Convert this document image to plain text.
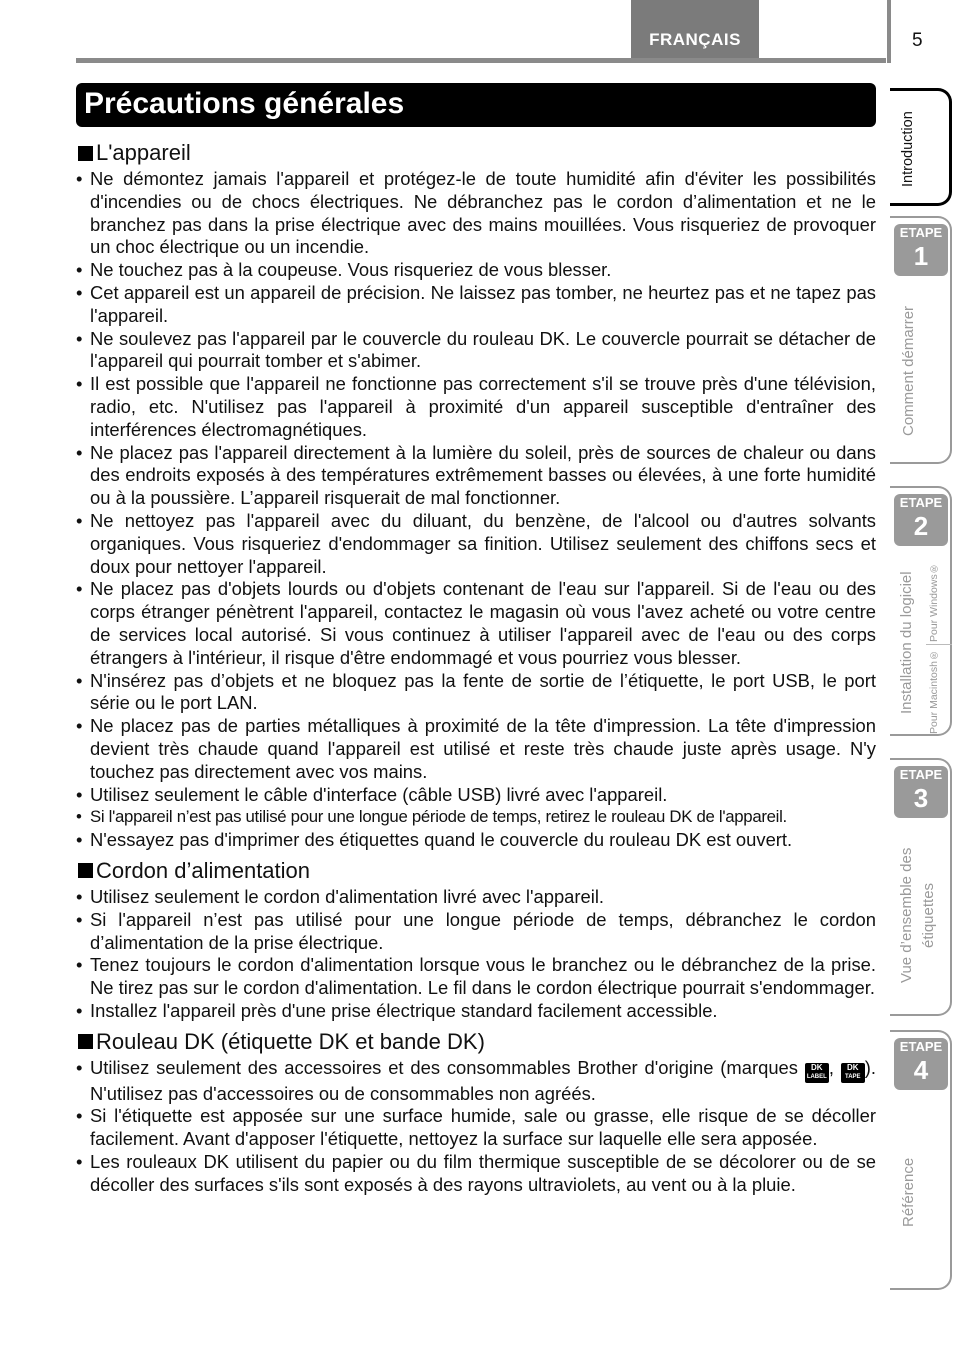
FRANÇAIS	5
Précautions générales
L'appareil
• Ne démontez jamais l'appareil et protégez-le de toute humidité afin d'éviter les possibilités d'incendies ou de chocs électriques. Ne débranchez pas le cordon d’alimentation et ne le branchez pas dans la prise électrique avec des mains mouillées. Vous risqueriez de provoquer un choc électrique ou un incendie.
• Ne touchez pas à la coupeuse. Vous risqueriez de vous blesser.
• Cet appareil est un appareil de précision. Ne laissez pas tomber, ne heurtez pas et ne tapez pas l'appareil.
• Ne soulevez pas l'appareil par le couvercle du rouleau DK. Le couvercle pourrait se détacher de l'appareil qui pourrait tomber et s'abimer.
• Il est possible que l'appareil ne fonctionne pas correctement s'il se trouve près d'une télévision, radio, etc. N'utilisez pas l'appareil à proximité d'un appareil susceptible d'entraîner des interférences électromagnétiques.
• Ne placez pas l'appareil directement à la lumière du soleil, près de sources de chaleur ou dans des endroits exposés à des températures extrêmement basses ou élevées, à une forte humidité ou à la poussière. L’appareil risquerait de mal fonctionner.
• Ne nettoyez pas l'appareil avec du diluant, du benzène, de l'alcool ou d'autres solvants organiques. Vous risqueriez d'endommager sa finition. Utilisez seulement des chiffons secs et doux pour nettoyer l'appareil.
• Ne placez pas d'objets lourds ou d'objets contenant de l'eau sur l'appareil. Si de l'eau ou des corps étranger pénètrent l'appareil, contactez le magasin où vous l'avez acheté ou votre centre de services local autorisé. Si vous continuez à utiliser l'appareil avec de l'eau ou des corps étrangers à l'intérieur, il risque d'être endommagé et vous pourriez vous blesser.
• N'insérez pas d’objets et ne bloquez pas la fente de sortie de l’étiquette, le port USB, le port série ou le port LAN.
• Ne placez pas de parties métalliques à proximité de la tête d'impression. La tête d'impression devient très chaude quand l'appareil est utilisé et reste très chaude juste après usage. N'y touchez pas directement avec vos mains.
• Utilisez seulement le câble d'interface (câble USB) livré avec l'appareil.
• Si l'appareil n’est pas utilisé pour une longue période de temps, retirez le rouleau DK de l'appareil.
• N'essayez pas d'imprimer des étiquettes quand le couvercle du rouleau DK est ouvert.
Cordon d’alimentation
• Utilisez seulement le cordon d'alimentation livré avec l'appareil.
• Si l'appareil n’est pas utilisé pour une longue période de temps, débranchez le cordon d’alimentation de la prise électrique.
• Tenez toujours le cordon d'alimentation lorsque vous le branchez ou le débranchez de la prise. Ne tirez pas sur le cordon d'alimentation. Le fil dans le cordon électrique pourrait s'endommager.
• Installez l'appareil près d'une prise électrique standard facilement accessible.
Rouleau DK (étiquette DK et bande DK)
• Utilisez seulement des accessoires et des consommables Brother d'origine (marques DK
LABEL , DK
TAPE ). N'utilisez pas d'accessoires ou de consommables non agréés.
• Si l'étiquette est apposée sur une surface humide, sale ou grasse, elle risque de se décoller facilement. Avant d'apposer l'étiquette, nettoyez la surface sur laquelle elle sera apposée.
• Les rouleaux DK utilisent du papier ou du film thermique susceptible de se décolorer ou de se décoller des surfaces s'ils sont exposés à des rayons ultraviolets, au vent ou à la pluie.
Introduction
ETAPE
1
Comment démarrer
ETAPE
2
Installation du logiciel Pour Windows®
Pour Macintosh®
ETAPE
3
Vue d’ensemble des étiquettes
ETAPE
4
Référence
